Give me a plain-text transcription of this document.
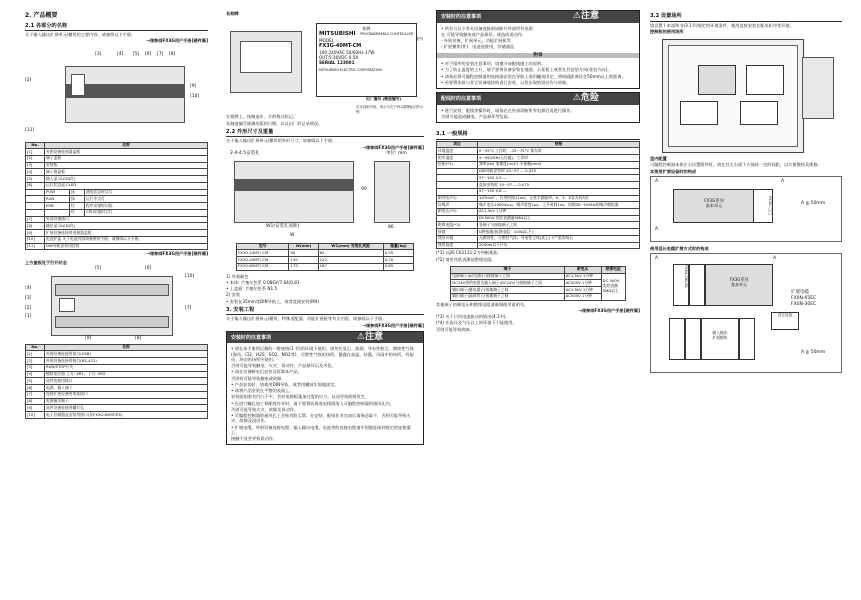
2. 产品概要
2.1 各部分的名称
关于输入输出扩展单元/模块的主要内容，请参照以下手册。
→课参阅FX3G用户手册[硬件篇]
[3]	[4] [5] [6] [7] [8]
[2]
[9]
[10]
[11]
No.	名称		
[1]	外围设备连接器盖板		
[2]	端子盖板		
[3]	安装板		
[4]	端子排盖板		
[5]	输入显示LED(红)		
[6]	运行状态显示LED		
	POW	绿	通电状态时点灯
	RUN	绿	运行中点灯
	ERR	红	程序出错时闪烁
		红	CPU出错时点灯
[7]	外部设备插口		
[8]	输出显示LED(红)		
[9]	扩展设备连接用连接器盖板		
[10]	电池护盖 关于电池内容请参照的手册，请参阅以下手册。		
[11]	DIN导轨安装用挂钩		
→课参阅FX3G用户手册[硬件篇]
上方盖板处于打开状态
[4]
[3]
[2]
[1]
[5]	[6]
[10]
[7]
[9]	[8]
No.	名称
[1]	外围设备连接用接口(USB)
[2]	外围设备连接用接口(RS-422)
[3]	RUN/STOP开关
[4]	模拟电位器 上方: VR1，下方: VR2
[5]	选件连接用接口
[6]	电源，输入端子
[7]	连接扩展设备用的连接口
[8]	电源输出端子
[9]	选件设备连接用螺钉孔
[10]	电子存储器盒安装用接口(仅FX3G-60MT/ES)
名称牌
铭牌
MITSUBISHI	PROGRAMMABLE CONTROLLER
MODEL
FX3G-40MT-CM
100-240VAC 50/60Hz 37W
OUT:5-30VDC 0.5A
SERIAL 123001
MITSUBISHI ELECTRIC CORPORATION
型号
出厂编号 (制造编号)
在本说明书里，所示为关于PLC铭牌标记的示例
在铭牌上，按制造年、月的格式标记。
从制造编号推测出版的日期，以及出厂的记录情况。
2.2 外形尺寸及重量
关于输入输出扩展单元/模块的外形尺寸，请参阅以下手册。
→课参阅FX3G用户手册[硬件篇]
2-4-4.5安装孔	单位: mm
90
W1(安装孔间距)
W
86
型号	W(mm)	W1(mm) 安装孔间距	重量(kg)
FX3G-24MT/-CM	90	82	0.55
FX3G-40MT/-CM	130	122	0.70
FX3G-60MT/-CM	175	167	0.85
1) 外观颜色
• 本体: 芒塞尔色系 0.08GY/7.64/0.81
• 上盖板: 芒塞尔色系 N1.5
2) 安装
• 安装在35mm宽DIN导轨上，或者直接安装(M4)
3. 安装工程
关于输入输出扩展单元/模块，特殊适配器，功能扩展板等有关内容，请参阅以下手册。
→课参阅FX3G用户手册[硬件篇]
安装时的注意事项	⚠注意
• 请在本手册所记载的一般规格(1.节)的环境下使用。请勿在灰尘、油烟、导电性粉尘、腐蚀性气体(海风、Cl2、H2S、SO2、NO2等)、可燃性气体的场所，暴露在高温、结露、风雨中的场所，有振动、冲击的场所中使用。
否则可能导致触电、火灾、误动作、产品损坏以及劣化。
• 请在设备断电后安装及拆卸本产品。
否则有可能导致触电或故障。
• 产品安装时，请使用DIN导轨，或者用螺丝牢固地固定。
• 请将产品安装在平整的表面上。
安装面如果有凹凸不平，会对电路板施加过度的应力，从而导致故障发生。
• 在进行螺孔加工和配线作业时，请不要将切屑或电线屑落入可编程控制器的通风孔内。
否则可能导致火灾、故障及误动作。
• 可编程控制器的通风孔上会贴有防尘罩，在安装、配线作业完成后请务必取下，否则可能导致火灾、故障及误动作。
• 扩展电缆、外围设备连接电缆、输入输出电缆、电池等的连接电缆请牢固地连接到规定的连接器上。
接触不良会导致误动作。
安装时的注意事项	⚠注意
• 所有与以下有关设备连接前请断开外部所有电源：
在 可能导致触电或产品损坏，或造成误动作。
- 外围设备，扩展单元，功能扩展板等
- 扩展模块(件)、电池连接用，存储器盒
附录
• 对于组件的安装注意事项，请遵守该配线施工的原则。
• 为了防止温度的上升，请不要将设备安装在地面、天花板上或者在其安装方向(垂直方向)。
• 请务必将可编程控制器的连接器安装在导轨上或用螺丝固定，将间隔距离设在50mm以上的距离。
• 若要将本体与其它设备或结构进行安装，以免出现的误动作与故障。
配线时的注意事项	⚠危险
• 进行安装、配线等操作时，请务必在外部切断所有电源后再进行操作。
否则可能造成触电，产品损坏等危险。
3.1 一般规格
项目	规格
环境温度	0~55°C 工作时，-25~75°C 保存时
相对湿度	5~95%RH(无冷凝)，工作时
抗振(*1)	频率(Hz) 加速度(m/s²) 半振幅(mm)
	DIN导轨安装时 10~57 — 0.035
	57~150 4.9 —
	直接安装时 10~57 — 0.075
	57~150 9.8 —
耐冲击(*1)	147m/s² ，作用时间11ms，正弦半波脉冲，X、Y、Z各方向3次
抗噪声	噪声电压1000Vp-p，噪声宽度1μs，上升时间1ns，周期30~100Hz的噪声模拟器
耐电压(*2)	AC1.5kV 1分钟
	DC500V 兆欧表测量5MΩ以上
绝缘电阻(*2)	各端子与接地端子之间
接地	D种接地(接地电阻：100Ω以下)
使用环境	无腐蚀性、可燃性气体，导电性尘埃(灰尘)不严重的场合
使用高度	2000m以下(*3)
(*1) 以JIS C61131-2为判断基准。
(*2) 请用兆欧表测试绝缘电阻。
端子	耐电压	绝缘电阻
电源端子(AC电源)与接地端子之间	AC1.5kV 1分钟	DC 500V
兆欧表测
5MΩ以上
DC24V供给电源及输入端子(DC24V)与接地端子之间	AC500V 1分钟	
输出端子(继电器)与接地端子之间	AC1.5kV 1分钟	
输出端子(晶体管)与接地端子之间	AC500V 1分钟	
其他端子的耐电压和绝缘电阻请参阅使用说明书。
→课参阅FX3G用户手册[硬件篇]
(*3) 关于只用电池驱动的情况(4.3节)。
(*4) 在高压及气压以上时环境下不能使用。
否则可能导致故障。
3.2 设置场所
请设置于本说明书(3.1节)规定的环境条件，使用直接安装在配电柜中等环境。
控制柜的使用场所
盘内配置
可编程控制器本体左右设置附件时，请在其左右或下方保持一定的间距，以方便散热及维修。
本使用扩展设备时的构成
FX3G系列
基本单元	FX3G-□□
A	A
A
A ≧ 50mm
使用延长电缆扩展方式时的构成
FX2N-CNV-BC	FX3G系列
基本单元
输入输出
扩展模块
其它设备
扩展电缆
FX0N-65EC
FX0N-30EC
A	A
A ≧ 50mm
